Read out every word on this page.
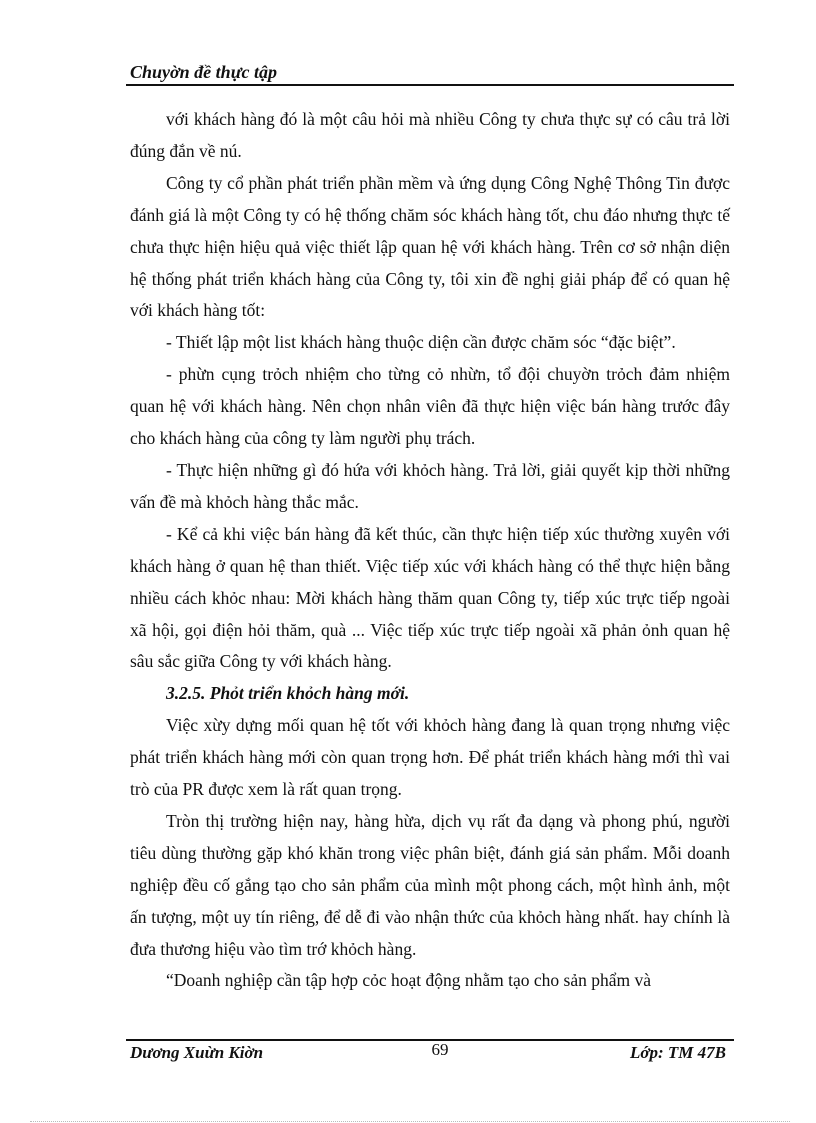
Chuyờn đề thực tập

với khách hàng đó là một câu hỏi mà nhiều Công ty chưa thực sự có câu trả lời đúng đắn về nú.

Công ty cổ phần phát triển phần mềm và ứng dụng Công Nghệ Thông Tin được đánh giá là một Công ty có hệ thống chăm sóc khách hàng tốt, chu đáo nhưng thực tế chưa thực hiện hiệu quả việc thiết lập quan hệ với khách hàng. Trên cơ sở nhận diện hệ thống phát triển khách hàng của Công ty, tôi xin đề nghị giải pháp để có quan hệ với khách hàng tốt:

- Thiết lập một list khách hàng thuộc diện cần được chăm sóc “đặc biệt”.

- phừn cụng trỏch nhiệm cho từng cỏ nhừn, tổ đội chuyờn trỏch đảm nhiệm quan hệ với khách hàng. Nên chọn nhân viên đã thực hiện việc bán hàng trước đây cho khách hàng của công ty làm người phụ trách.

- Thực hiện những gì đó hứa với khỏch hàng. Trả lời, giải quyết kịp thời những vấn đề mà khỏch hàng thắc mắc.

- Kể cả khi việc bán hàng đã kết thúc, cần thực hiện tiếp xúc thường xuyên với khách hàng ở quan hệ than thiết. Việc tiếp xúc với khách hàng có thể thực hiện bằng nhiều cách khỏc nhau: Mời khách hàng thăm quan Công ty, tiếp xúc trực tiếp ngoài xã hội, gọi điện hỏi thăm, quà ... Việc tiếp xúc trực tiếp ngoài xã phản ỏnh quan hệ sâu sắc giữa Công ty với khách hàng.

3.2.5. Phỏt triển khỏch hàng mới.

Việc xừy dựng mối quan hệ tốt với khỏch hàng đang là quan trọng nhưng việc phát triển khách hàng mới còn quan trọng hơn. Để phát triển khách hàng mới thì vai trò của PR được xem là rất quan trọng.

Tròn thị trường hiện nay, hàng hừa, dịch vụ rất đa dạng và phong phú, người tiêu dùng thường gặp khó khăn trong việc phân biệt, đánh giá sản phẩm. Mỗi doanh nghiệp đều cố gắng tạo cho sản phẩm của mình một phong cách, một hình ảnh, một ấn tượng, một uy tín riêng, để dễ đi vào nhận thức của khỏch hàng nhất. hay chính là đưa thương hiệu vào tìm trớ khỏch hàng.

“Doanh nghiệp cần tập hợp cỏc hoạt động nhằm tạo cho sản phẩm và

Dương Xuừn Kiờn	69	Lớp: TM 47B
